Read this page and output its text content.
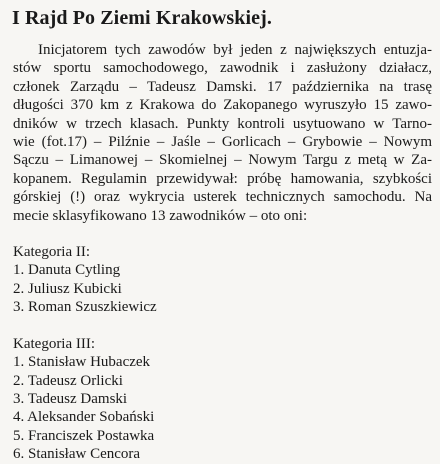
I Rajd Po Ziemi Krakowskiej.

Inicjatorem tych zawodów był jeden z największych entuzja-
stów sportu samochodowego, zawodnik i zasłużony działacz,
członek Zarządu – Tadeusz Damski. 17 października na trasę
długości 370 km z Krakowa do Zakopanego wyruszyło 15 zawo-
dników w trzech klasach. Punkty kontroli usytuowano w Tarno-
wie (fot.17) – Pilźnie – Jaśle – Gorlicach – Grybowie – Nowym
Sączu – Limanowej – Skomielnej – Nowym Targu z metą w Za-
kopanem. Regulamin przewidywał: próbę hamowania, szybkości
górskiej (!) oraz wykrycia usterek technicznych samochodu. Na
mecie sklasyfikowano 13 zawodników – oto oni:

Kategoria II:
1. Danuta Cytling
2. Juliusz Kubicki
3. Roman Szuszkiewicz
Kategoria III:
1. Stanisław Hubaczek
2. Tadeusz Orlicki
3. Tadeusz Damski
4. Aleksander Sobański
5. Franciszek Postawka
6. Stanisław Cencora
